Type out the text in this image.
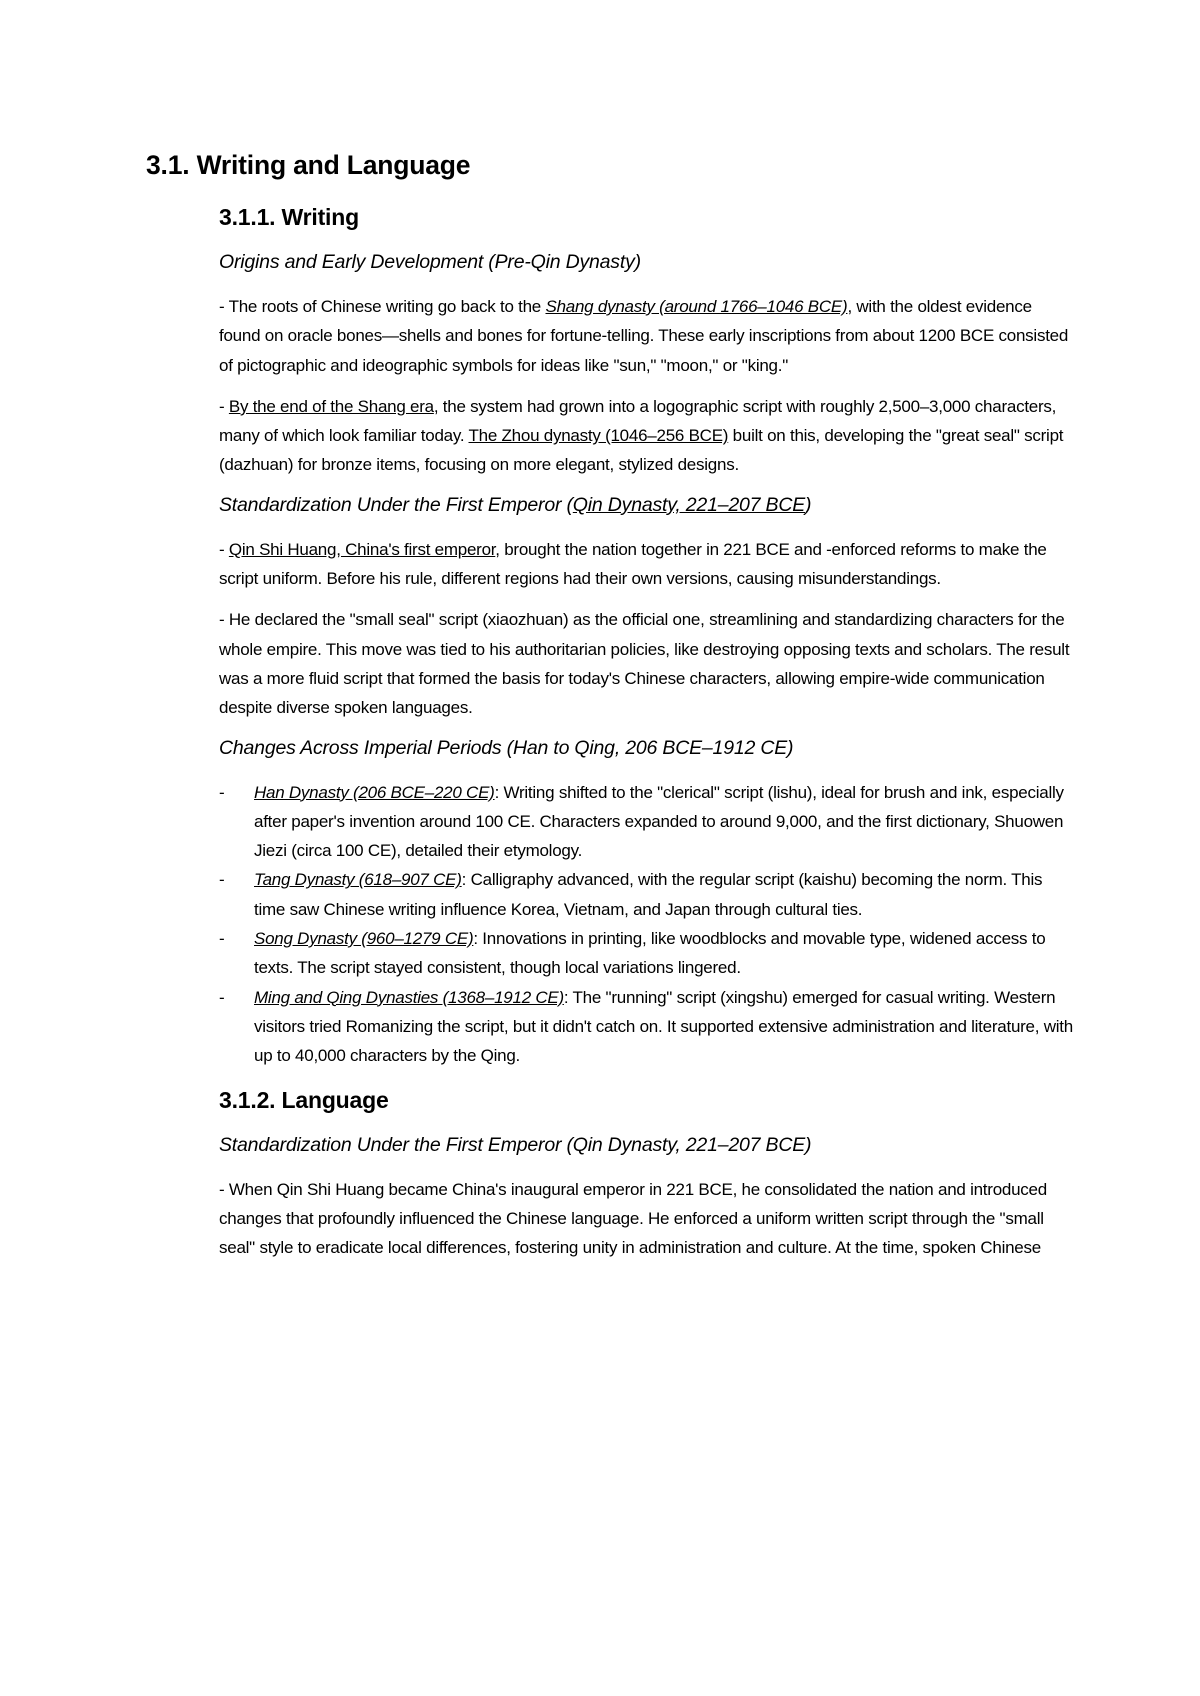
3.1. Writing and Language
3.1.1. Writing
Origins and Early Development (Pre-Qin Dynasty)

- The roots of Chinese writing go back to the Shang dynasty (around 1766–1046 BCE), with the oldest evidence found on oracle bones—shells and bones for fortune-telling. These early inscriptions from about 1200 BCE consisted of pictographic and ideographic symbols for ideas like "sun," "moon," or "king."

- By the end of the Shang era, the system had grown into a logographic script with roughly 2,500–3,000 characters, many of which look familiar today. The Zhou dynasty (1046–256 BCE) built on this, developing the "great seal" script (dazhuan) for bronze items, focusing on more elegant, stylized designs.

Standardization Under the First Emperor (Qin Dynasty, 221–207 BCE)

- Qin Shi Huang, China's first emperor, brought the nation together in 221 BCE and -enforced reforms to make the script uniform. Before his rule, different regions had their own versions, causing misunderstandings.

- He declared the "small seal" script (xiaozhuan) as the official one, streamlining and standardizing characters for the whole empire. This move was tied to his authoritarian policies, like destroying opposing texts and scholars. The result was a more fluid script that formed the basis for today's Chinese characters, allowing empire-wide communication despite diverse spoken languages.

Changes Across Imperial Periods (Han to Qing, 206 BCE–1912 CE)
- Han Dynasty (206 BCE–220 CE): Writing shifted to the "clerical" script (lishu), ideal for brush and ink, especially after paper's invention around 100 CE. Characters expanded to around 9,000, and the first dictionary, Shuowen Jiezi (circa 100 CE), detailed their etymology.
- Tang Dynasty (618–907 CE): Calligraphy advanced, with the regular script (kaishu) becoming the norm. This time saw Chinese writing influence Korea, Vietnam, and Japan through cultural ties.
- Song Dynasty (960–1279 CE): Innovations in printing, like woodblocks and movable type, widened access to texts. The script stayed consistent, though local variations lingered.
- Ming and Qing Dynasties (1368–1912 CE): The "running" script (xingshu) emerged for casual writing. Western visitors tried Romanizing the script, but it didn't catch on. It supported extensive administration and literature, with up to 40,000 characters by the Qing.
3.1.2. Language
Standardization Under the First Emperor (Qin Dynasty, 221–207 BCE)

- When Qin Shi Huang became China's inaugural emperor in 221 BCE, he consolidated the nation and introduced changes that profoundly influenced the Chinese language. He enforced a uniform written script through the "small seal" style to eradicate local differences, fostering unity in administration and culture. At the time, spoken Chinese
